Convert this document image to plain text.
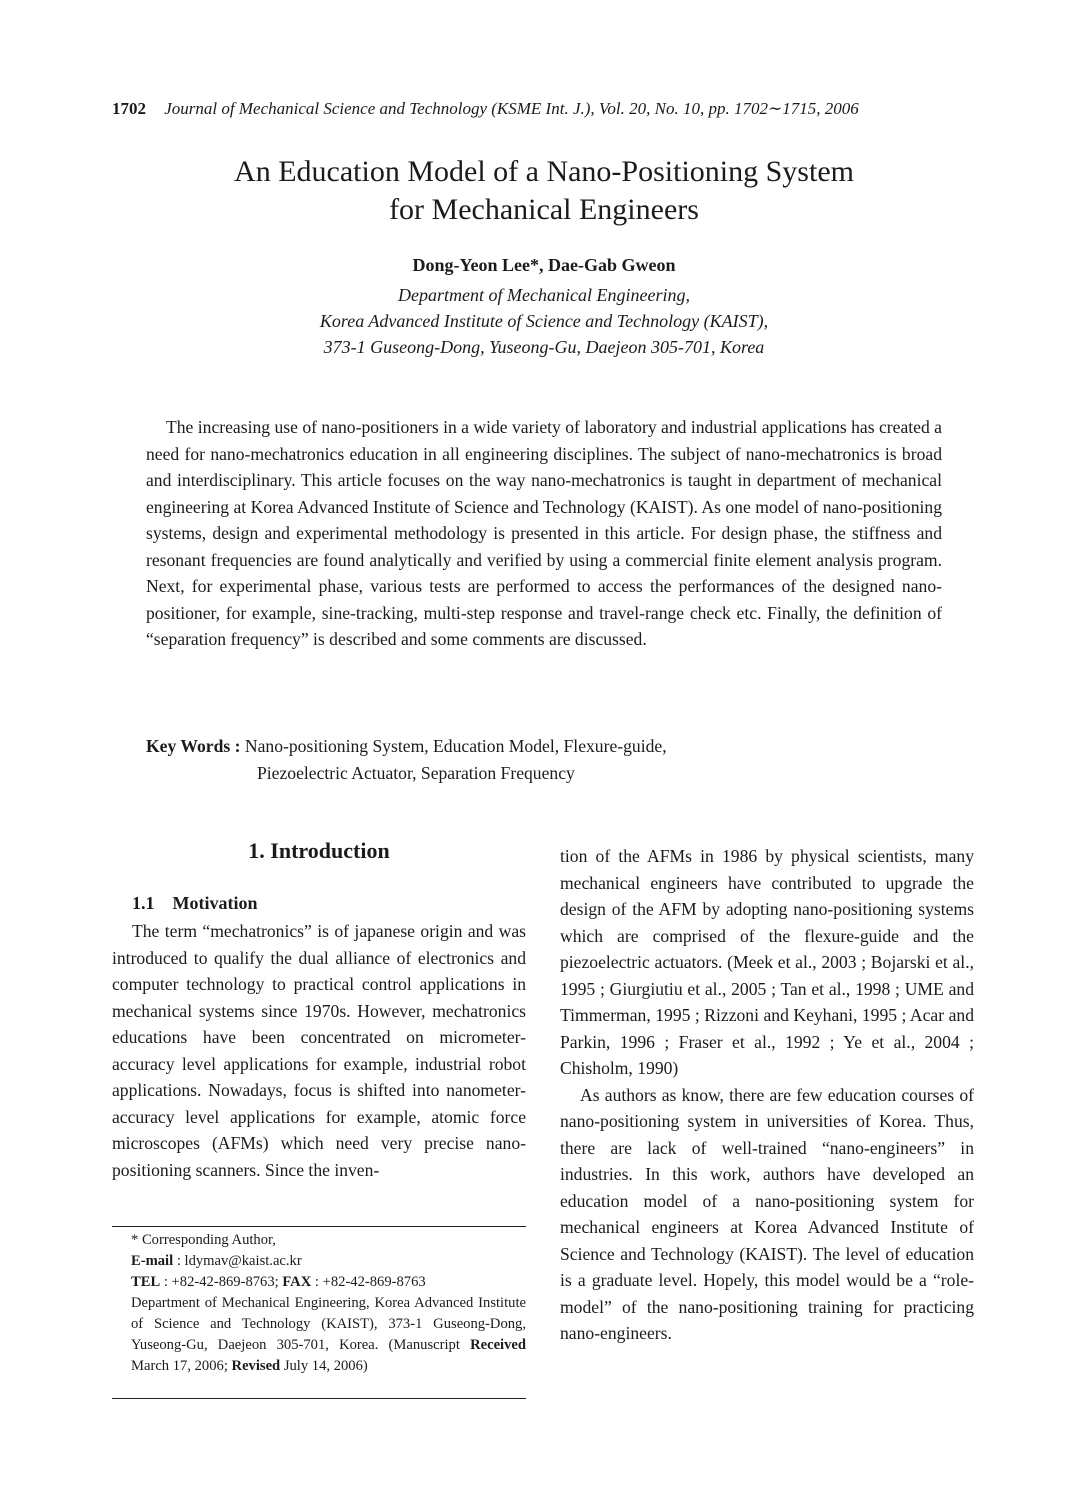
1702 Journal of Mechanical Science and Technology (KSME Int. J.), Vol. 20, No. 10, pp. 1702∼1715, 2006
An Education Model of a Nano-Positioning System
for Mechanical Engineers
Dong-Yeon Lee*, Dae-Gab Gweon
Department of Mechanical Engineering,
Korea Advanced Institute of Science and Technology (KAIST),
373-1 Guseong-Dong, Yuseong-Gu, Daejeon 305-701, Korea

The increasing use of nano-positioners in a wide variety of laboratory and industrial applications has created a need for nano-mechatronics education in all engineering disciplines. The subject of nano-mechatronics is broad and interdisciplinary. This article focuses on the way nano-mechatronics is taught in department of mechanical engineering at Korea Advanced Institute of Science and Technology (KAIST). As one model of nano-positioning systems, design and experimental methodology is presented in this article. For design phase, the stiffness and resonant frequencies are found analytically and verified by using a commercial finite element analysis program. Next, for experimental phase, various tests are performed to access the performances of the designed nano-positioner, for example, sine-tracking, multi-step response and travel-range check etc. Finally, the definition of “separation frequency” is described and some comments are discussed.

Key Words : Nano-positioning System, Education Model, Flexure-guide,
Piezoelectric Actuator, Separation Frequency
1. Introduction
1.1 Motivation

The term “mechatronics” is of japanese origin and was introduced to qualify the dual alliance of electronics and computer technology to practical control applications in mechanical systems since 1970s. However, mechatronics educations have been concentrated on micrometer-accuracy level applications for example, industrial robot applications. Nowadays, focus is shifted into nanometer-accuracy level applications for example, atomic force microscopes (AFMs) which need very precise nano-positioning scanners. Since the inven-

tion of the AFMs in 1986 by physical scientists, many mechanical engineers have contributed to upgrade the design of the AFM by adopting nano-positioning systems which are comprised of the flexure-guide and the piezoelectric actuators. (Meek et al., 2003 ; Bojarski et al., 1995 ; Giurgiutiu et al., 2005 ; Tan et al., 1998 ; UME and Timmerman, 1995 ; Rizzoni and Keyhani, 1995 ; Acar and Parkin, 1996 ; Fraser et al., 1992 ; Ye et al., 2004 ; Chisholm, 1990)

As authors as know, there are few education courses of nano-positioning system in universities of Korea. Thus, there are lack of well-trained “nano-engineers” in industries. In this work, authors have developed an education model of a nano-positioning system for mechanical engineers at Korea Advanced Institute of Science and Technology (KAIST). The level of education is a graduate level. Hopely, this model would be a “role-model” of the nano-positioning training for practicing nano-engineers.

* Corresponding Author,
E-mail : ldymav@kaist.ac.kr
TEL : +82-42-869-8763; FAX : +82-42-869-8763
Department of Mechanical Engineering, Korea Advanced Institute of Science and Technology (KAIST), 373-1 Guseong-Dong, Yuseong-Gu, Daejeon 305-701, Korea. (Manuscript Received March 17, 2006; Revised July 14, 2006)
